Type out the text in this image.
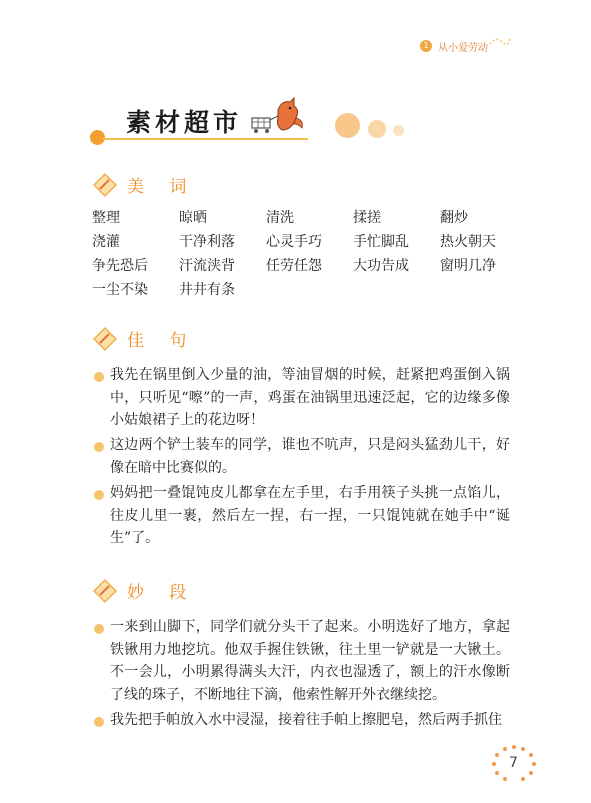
1 从小爱劳动
素材超市
美 词
整理	晾晒	清洗	揉搓	翻炒
浇灌	干净利落	心灵手巧	手忙脚乱	热火朝天
争先恐后	汗流浃背	任劳任怨	大功告成	窗明几净
一尘不染	井井有条
佳 句
我先在锅里倒入少量的油，等油冒烟的时候，赶紧把鸡蛋倒入锅中，只听见“嚓”的一声，鸡蛋在油锅里迅速泛起，它的边缘多像小姑娘裙子上的花边呀！
这边两个铲土装车的同学，谁也不吭声，只是闷头猛劲儿干，好像在暗中比赛似的。
妈妈把一叠馄饨皮儿都拿在左手里，右手用筷子头挑一点馅儿，往皮儿里一裹，然后左一捏，右一捏，一只馄饨就在她手中“诞生”了。
妙 段
一来到山脚下，同学们就分头干了起来。小明选好了地方，拿起铁锹用力地挖坑。他双手握住铁锹，往土里一铲就是一大锹土。不一会儿，小明累得满头大汗，内衣也湿透了，额上的汗水像断了线的珠子，不断地往下滴，他索性解开外衣继续挖。
我先把手帕放入水中浸湿，接着往手帕上擦肥皂，然后两手抓住
7
